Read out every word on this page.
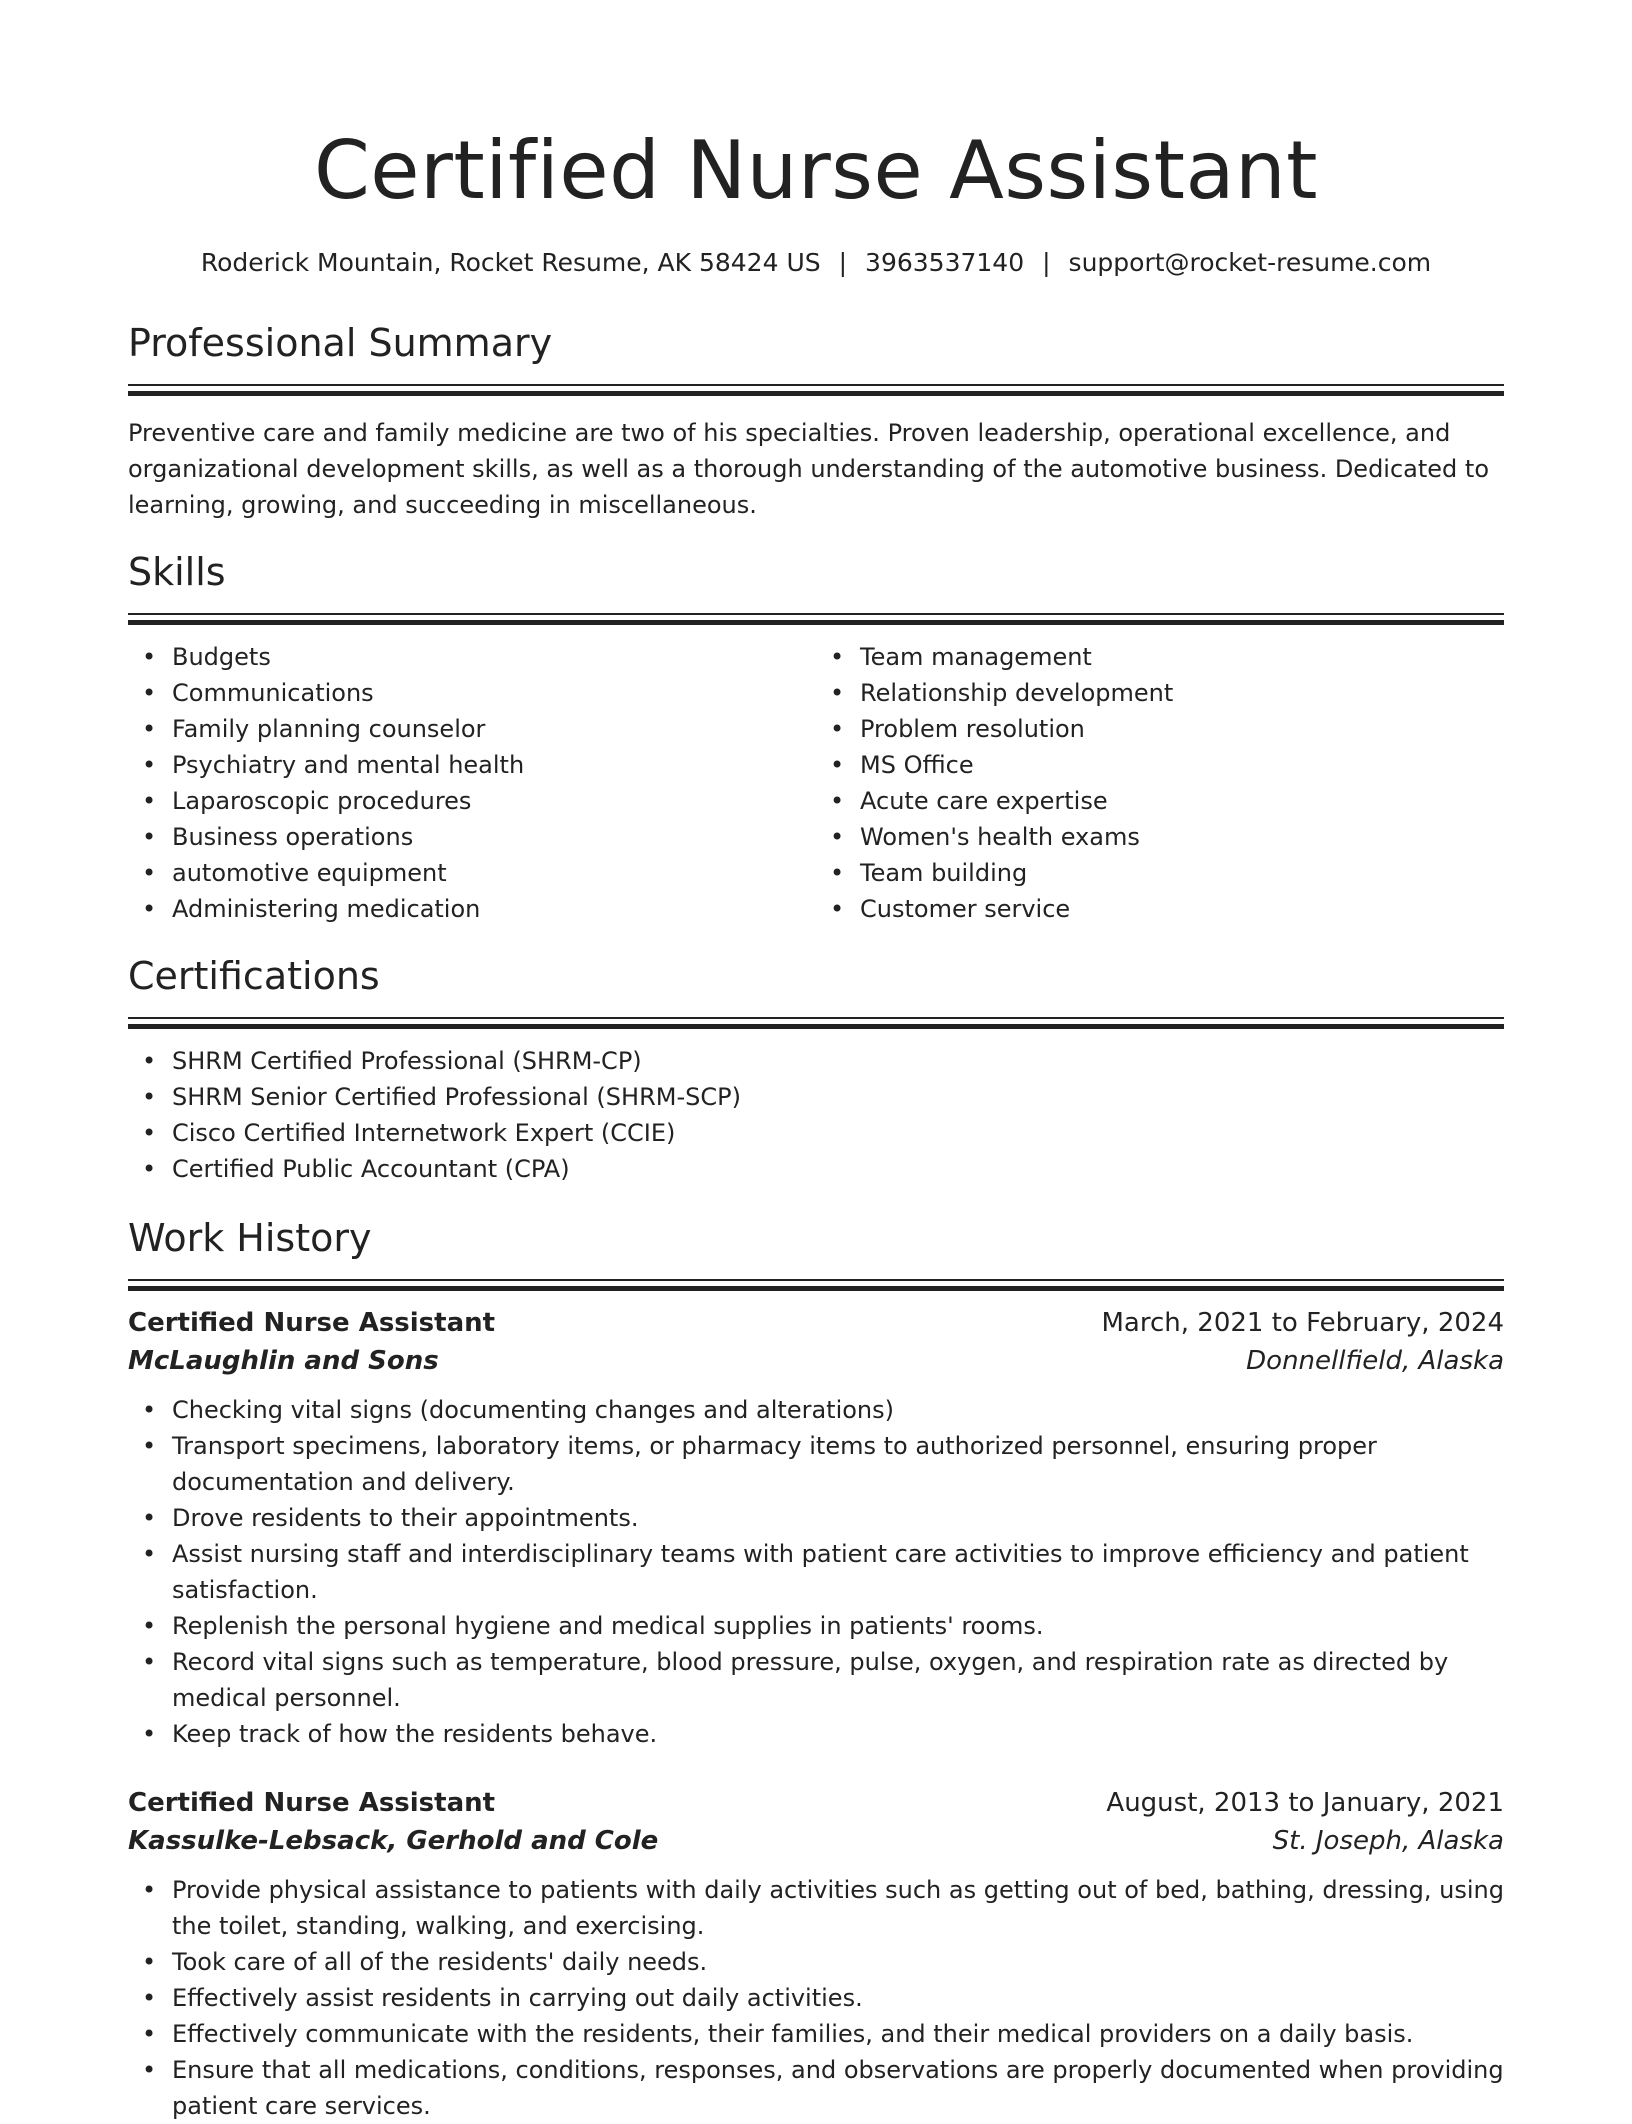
Certified Nurse Assistant
Roderick Mountain, Rocket Resume, AK 58424 US | 3963537140 | support@rocket-resume.com
Professional Summary
Preventive care and family medicine are two of his specialties. Proven leadership, operational excellence, and organizational development skills, as well as a thorough understanding of the automotive business. Dedicated to learning, growing, and succeeding in miscellaneous.
Skills
• Budgets
• Communications
• Family planning counselor
• Psychiatry and mental health
• Laparoscopic procedures
• Business operations
• automotive equipment
• Administering medication
• Team management
• Relationship development
• Problem resolution
• MS Office
• Acute care expertise
• Women's health exams
• Team building
• Customer service
Certifications
• SHRM Certified Professional (SHRM-CP)
• SHRM Senior Certified Professional (SHRM-SCP)
• Cisco Certified Internetwork Expert (CCIE)
• Certified Public Accountant (CPA)
Work History
Certified Nurse Assistant	March, 2021 to February, 2024
McLaughlin and Sons	Donnellfield, Alaska
• Checking vital signs (documenting changes and alterations)
• Transport specimens, laboratory items, or pharmacy items to authorized personnel, ensuring proper documentation and delivery.
• Drove residents to their appointments.
• Assist nursing staff and interdisciplinary teams with patient care activities to improve efficiency and patient satisfaction.
• Replenish the personal hygiene and medical supplies in patients' rooms.
• Record vital signs such as temperature, blood pressure, pulse, oxygen, and respiration rate as directed by medical personnel.
• Keep track of how the residents behave.
Certified Nurse Assistant	August, 2013 to January, 2021
Kassulke-Lebsack, Gerhold and Cole	St. Joseph, Alaska
• Provide physical assistance to patients with daily activities such as getting out of bed, bathing, dressing, using the toilet, standing, walking, and exercising.
• Took care of all of the residents' daily needs.
• Effectively assist residents in carrying out daily activities.
• Effectively communicate with the residents, their families, and their medical providers on a daily basis.
• Ensure that all medications, conditions, responses, and observations are properly documented when providing patient care services.
